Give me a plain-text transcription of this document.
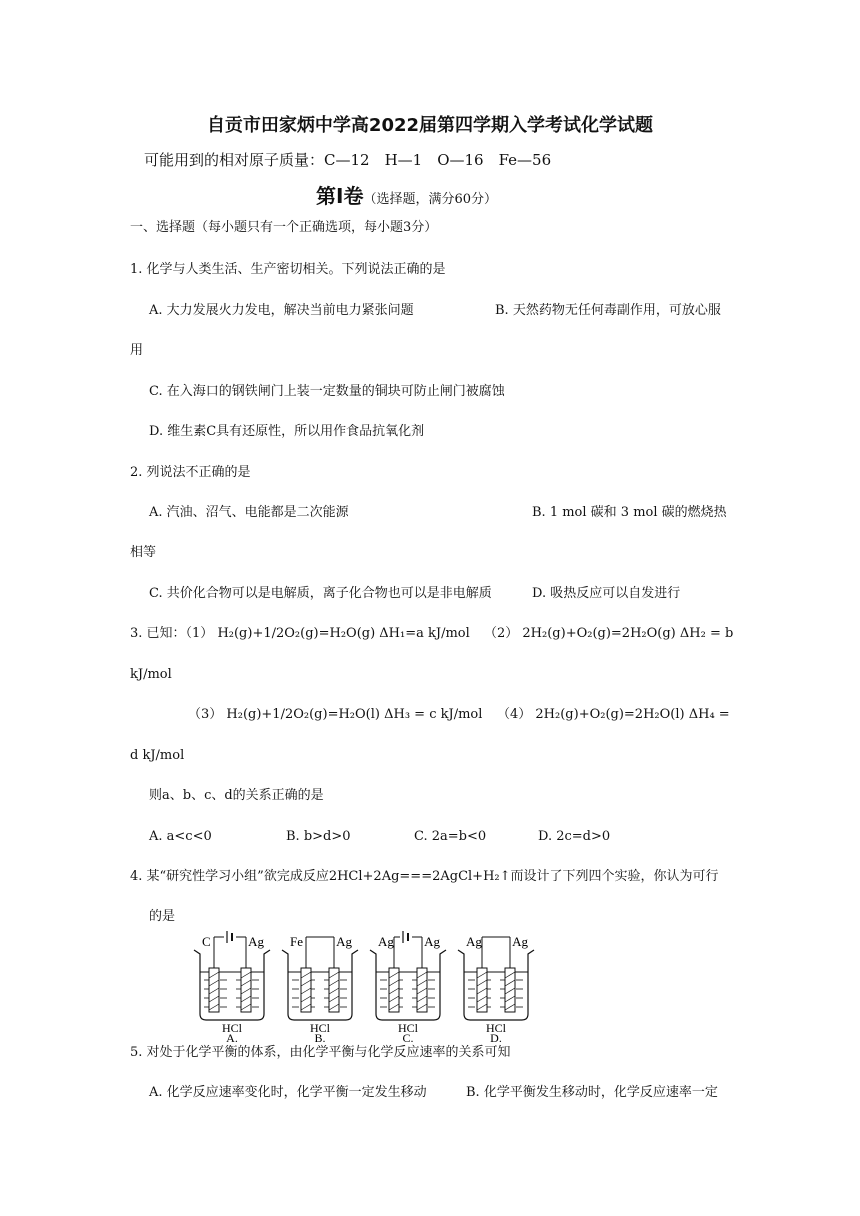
自贡市田家炳中学高2022届第四学期入学考试化学试题
可能用到的相对原子质量：C—12　H—1　O—16　Fe—56
第Ⅰ卷（选择题，满分60分）
一、选择题（每小题只有一个正确选项，每小题3分）
1. 化学与人类生活、生产密切相关。下列说法正确的是
A. 大力发展火力发电，解决当前电力紧张问题	B. 天然药物无任何毒副作用，可放心服
用
C. 在入海口的钢铁闸门上装一定数量的铜块可防止闸门被腐蚀
D. 维生素C具有还原性，所以用作食品抗氧化剂
2. 列说法不正确的是
A. 汽油、沼气、电能都是二次能源	B. 1 mol 碳和 3 mol 碳的燃烧热
相等
C. 共价化合物可以是电解质，离子化合物也可以是非电解质	D. 吸热反应可以自发进行
3. 已知：（1） H₂(g)+1/2O₂(g)=H₂O(g) ΔH₁=a kJ/mol （2） 2H₂(g)+O₂(g)=2H₂O(g) ΔH₂ = b
kJ/mol
（3） H₂(g)+1/2O₂(g)=H₂O(l) ΔH₃ = c kJ/mol （4） 2H₂(g)+O₂(g)=2H₂O(l) ΔH₄ =
d kJ/mol
则a、b、c、d的关系正确的是
A. a<c<0	B. b>d>0	C. 2a=b<0	D. 2c=d>0
4. 某“研究性学习小组”欲完成反应2HCl+2Ag===2AgCl+H₂↑而设计了下列四个实验，你认为可行
的是
C	Ag
HCl
A.
Fe	Ag
HCl
B.
Ag Ag
HCl
C.
Ag Ag
HCl
D.
5. 对处于化学平衡的体系，由化学平衡与化学反应速率的关系可知
A. 化学反应速率变化时，化学平衡一定发生移动	B. 化学平衡发生移动时，化学反应速率一定
